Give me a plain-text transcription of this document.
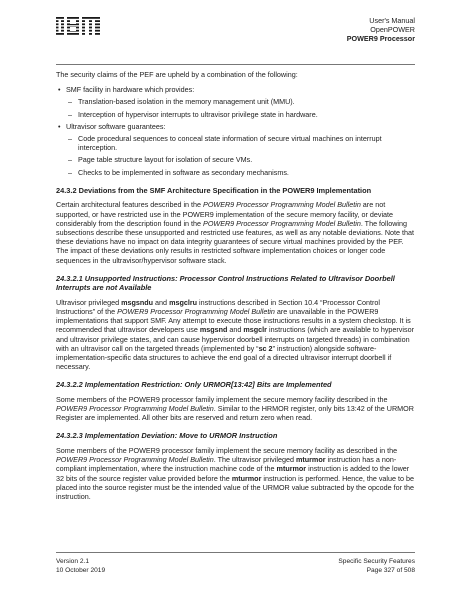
User's Manual
OpenPOWER
POWER9 Processor

The security claims of the PEF are upheld by a combination of the following:

• SMF facility in hardware which provides:
– Translation-based isolation in the memory management unit (MMU).
– Interception of hypervisor interrupts to ultravisor privilege state in hardware.
• Ultravisor software guarantees:
– Code procedural sequences to conceal state information of secure virtual machines on interrupt interception.
– Page table structure layout for isolation of secure VMs.
– Checks to be implemented in software as secondary mechanisms.
24.3.2 Deviations from the SMF Architecture Specification in the POWER9 Implementation

Certain architectural features described in the POWER9 Processor Programming Model Bulletin are not supported, or have restricted use in the POWER9 implementation of the secure memory facility, or deviate considerably from the description found in the POWER9 Processor Programming Model Bulletin. The following subsections describe these unsupported and restricted use features, as well as any notable deviations. Note that these deviations have no impact on data integrity guarantees of secure virtual machines provided by the PEF. The impact of these deviations only results in restricted software implementation choices or longer code sequences in the ultravisor/hypervisor software stack.

24.3.2.1 Unsupported Instructions: Processor Control Instructions Related to Ultravisor Doorbell Interrupts are not Available

Ultravisor privileged msgsndu and msgclru instructions described in Section 10.4 “Processor Control Instructions” of the POWER9 Processor Programming Model Bulletin are unavailable in the POWER9 implementations that support SMF. Any attempt to execute those instructions results in a system checkstop. It is recommended that ultravisor developers use msgsnd and msgclr instructions (which are available to hypervisor and ultravisor privilege states, and can cause hypervisor doorbell interrupts on targeted threads) in combination with an ultravisor call on the targeted threads (implemented by “sc 2” instruction) alongside software-implementation-specific data structures to achieve the end goal of a directed ultravisor interrupt doorbell if necessary.

24.3.2.2 Implementation Restriction: Only URMOR[13:42] Bits are Implemented

Some members of the POWER9 processor family implement the secure memory facility described in the POWER9 Processor Programming Model Bulletin. Similar to the HRMOR register, only bits 13:42 of the URMOR Register are implemented. All other bits are reserved and return zero when read.

24.3.2.3 Implementation Deviation: Move to URMOR Instruction

Some members of the POWER9 processor family implement the secure memory facility as described in the POWER9 Processor Programming Model Bulletin. The ultravisor privileged mturmor instruction has a non-compliant implementation, where the instruction machine code of the mturmor instruction is added to the lower 32 bits of the source register value provided before the mturmor instruction is performed. Hence, the value to be placed into the source register must be the intended value of the URMOR value subtracted by the opcode for the instruction.

Version 2.1
10 October 2019
Specific Security Features
Page 327 of 508
